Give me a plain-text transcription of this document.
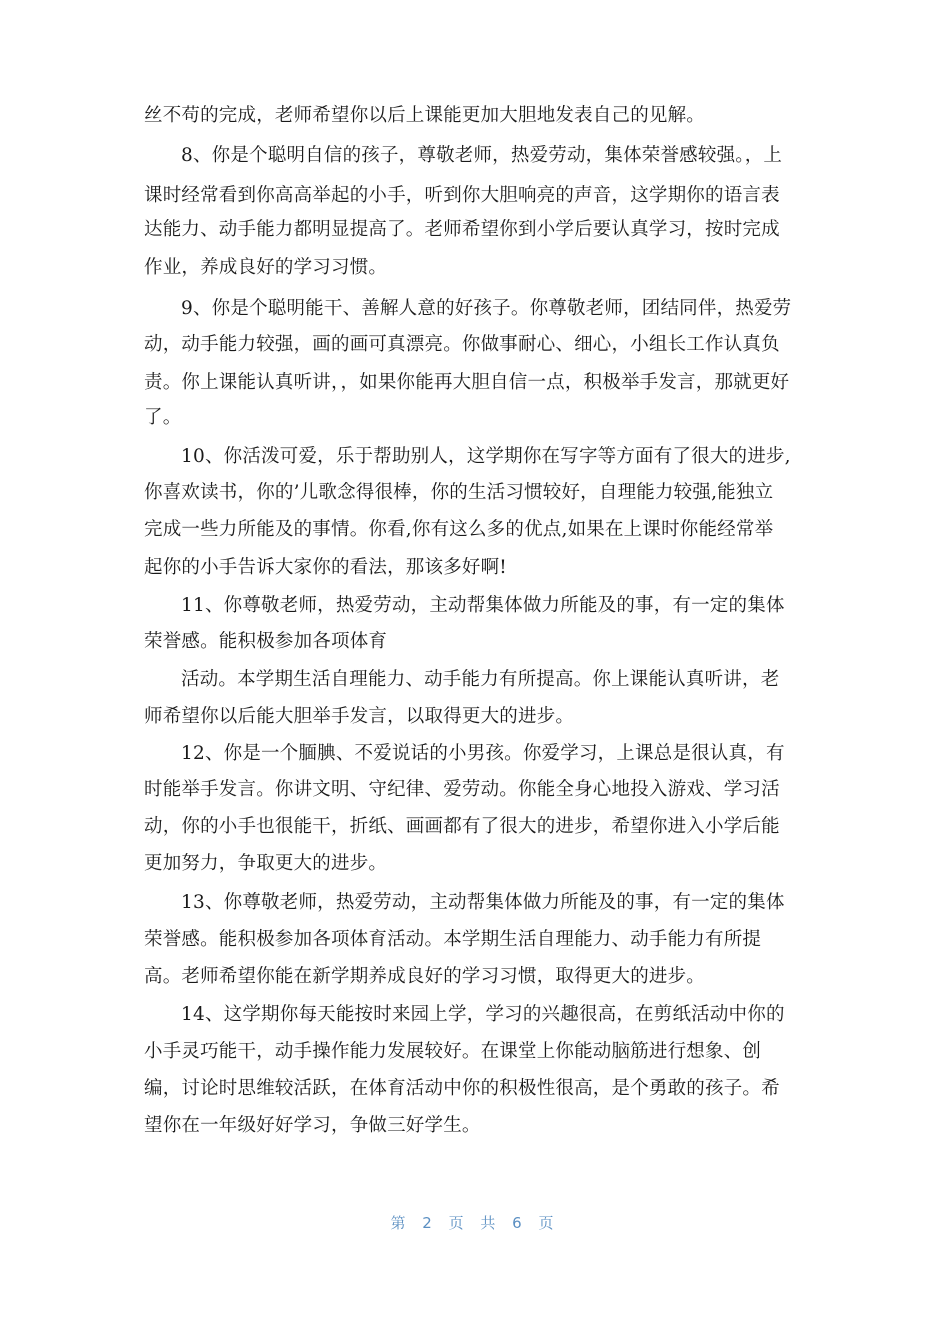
丝不苟的完成，老师希望你以后上课能更加大胆地发表自己的见解。
8、你是个聪明自信的孩子，尊敬老师，热爱劳动，集体荣誉感较强。，上
课时经常看到你高高举起的小手，听到你大胆响亮的声音，这学期你的语言表
达能力、动手能力都明显提高了。老师希望你到小学后要认真学习，按时完成
作业，养成良好的学习习惯。
9、你是个聪明能干、善解人意的好孩子。你尊敬老师，团结同伴，热爱劳
动，动手能力较强，画的画可真漂亮。你做事耐心、细心，小组长工作认真负
责。你上课能认真听讲，，如果你能再大胆自信一点，积极举手发言，那就更好
了。
10、你活泼可爱，乐于帮助别人，这学期你在写字等方面有了很大的进步,
你喜欢读书，你的’儿歌念得很棒，你的生活习惯较好，自理能力较强,能独立
完成一些力所能及的事情。你看,你有这么多的优点,如果在上课时你能经常举
起你的小手告诉大家你的看法，那该多好啊!
11、你尊敬老师，热爱劳动，主动帮集体做力所能及的事，有一定的集体
荣誉感。能积极参加各项体育
活动。本学期生活自理能力、动手能力有所提高。你上课能认真听讲，老
师希望你以后能大胆举手发言，以取得更大的进步。
12、你是一个腼腆、不爱说话的小男孩。你爱学习，上课总是很认真，有
时能举手发言。你讲文明、守纪律、爱劳动。你能全身心地投入游戏、学习活
动，你的小手也很能干，折纸、画画都有了很大的进步，希望你进入小学后能
更加努力，争取更大的进步。
13、你尊敬老师，热爱劳动，主动帮集体做力所能及的事，有一定的集体
荣誉感。能积极参加各项体育活动。本学期生活自理能力、动手能力有所提
高。老师希望你能在新学期养成良好的学习习惯，取得更大的进步。
14、这学期你每天能按时来园上学，学习的兴趣很高，在剪纸活动中你的
小手灵巧能干，动手操作能力发展较好。在课堂上你能动脑筋进行想象、创
编，讨论时思维较活跃，在体育活动中你的积极性很高，是个勇敢的孩子。希
望你在一年级好好学习，争做三好学生。
第 2 页 共 6 页
